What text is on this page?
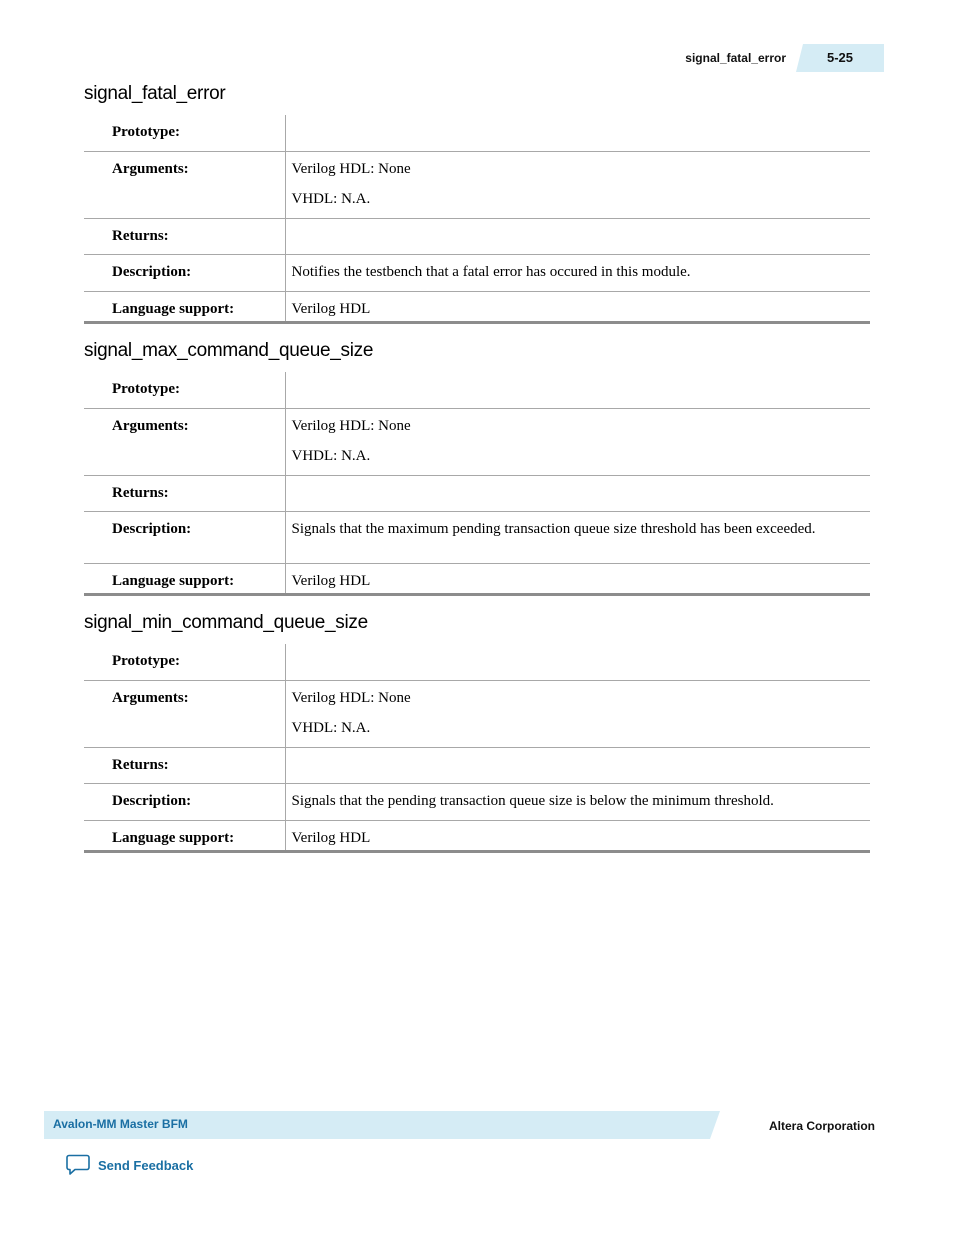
signal_fatal_error	5-25
signal_fatal_error
Prototype:	
Arguments:	Verilog HDL: None

VHDL: N.A.

Returns:	
Description:	Notifies the testbench that a fatal error has occured in this module.

Language support:	Verilog HDL

signal_max_command_queue_size
Prototype:	
Arguments:	Verilog HDL: None

VHDL: N.A.

Returns:	
Description:	Signals that the maximum pending transaction queue size threshold has been exceeded.

Language support:	Verilog HDL

signal_min_command_queue_size
Prototype:	
Arguments:	Verilog HDL: None

VHDL: N.A.

Returns:	
Description:	Signals that the pending transaction queue size is below the minimum threshold.

Language support:	Verilog HDL

Avalon-MM Master BFM	Altera Corporation
Send Feedback
